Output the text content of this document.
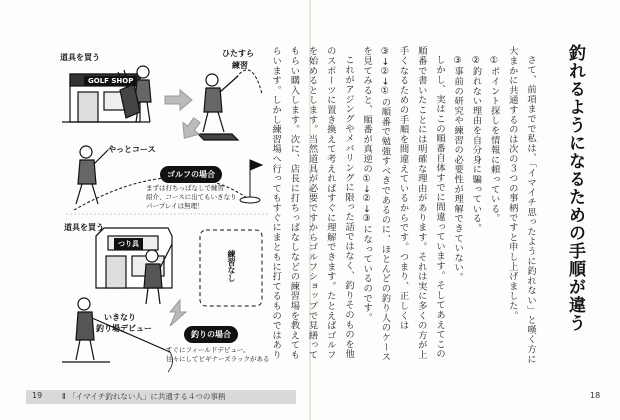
道具を買う
GOLF SHOP
ひたすら
練習
やっとコース
ゴルフの場合
まずは打ちっぱなしで練習
紹介、コースに出てもいきなり
パープレイは無理！
道具を買う
つり具
練習なし
いきなり
釣り場デビュー
釣りの場合
すぐにフィールドデビュー。
往々にしてビギナーズラックがある
19	Ⅱ 「イマイチ釣れない人」に共通する４つの事柄
釣れるようになるための手順が違う

さて、前項までで私は、「イマイチ思ったように釣れない」と嘆く方に大まかに共通するのは次の３つの事柄ですと申し上げました。

①ポイント探しを情報に頼っている。

②釣れない理由を自分身に騙っている。

③事前の研究や練習の必要性が理解できていない。

しかし、実はこの順番自体すでに間違っています。そしてあえてこの順番で書いたことには明確な理由があります。それは実に多くの方が上手くなるための手順を間違えているからです。つまり、正しくは③→②→①の順番で勉強すべきであるのに、ほとんどの釣り人のケースを見てみると、順番が真逆の①→②→③になっているのです。

これがアジングやメバリングに限った話ではなく、釣りそのものを他のスポーツに置き換えて考えればすぐに理解できます。たとえばゴルフを始めるとします。当然道具が必要ですからゴルフショップで見繕ってもらい購入します。次に、店長に打ちっぱなしなどの練習場を教えてもらいます。しかし練習場へ行ってもすぐにまともに打てるものではあり

18
